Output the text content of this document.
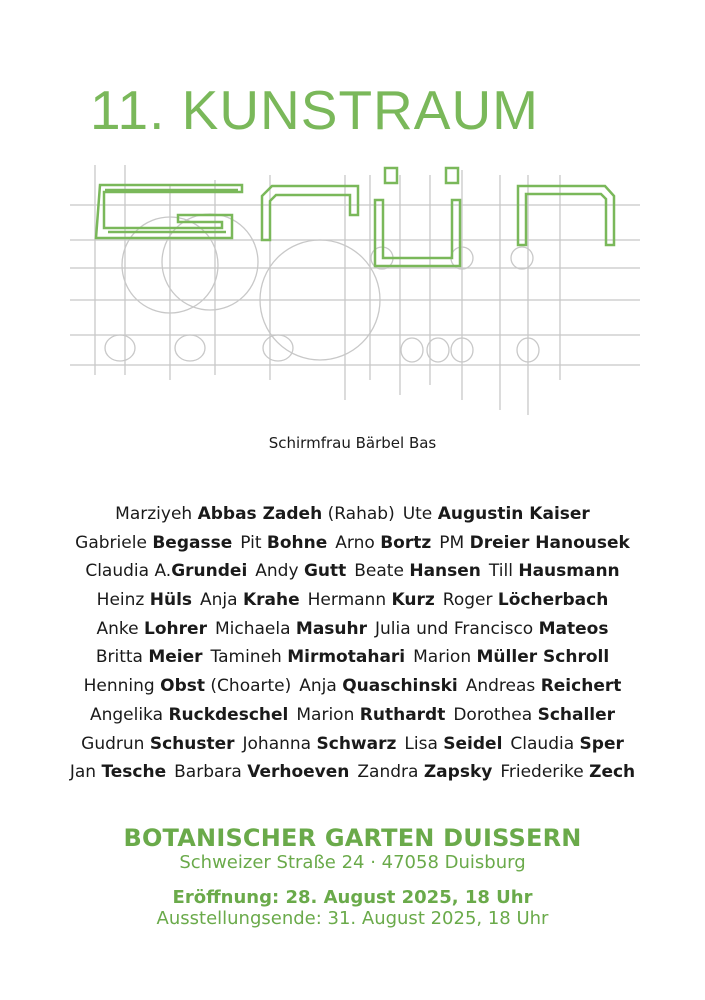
11. KUNSTRAUM
Schirmfrau Bärbel Bas
Marziyeh Abbas Zadeh (Rahab) Ute Augustin Kaiser
Gabriele Begasse Pit Bohne Arno Bortz PM Dreier Hanousek
Claudia A.Grundei Andy Gutt Beate Hansen Till Hausmann
Heinz Hüls Anja Krahe Hermann Kurz Roger Löcherbach
Anke Lohrer Michaela Masuhr Julia und Francisco Mateos
Britta Meier Tamineh Mirmotahari Marion Müller Schroll
Henning Obst (Choarte) Anja Quaschinski Andreas Reichert
Angelika Ruckdeschel Marion Ruthardt Dorothea Schaller
Gudrun Schuster Johanna Schwarz Lisa Seidel Claudia Sper
Jan Tesche Barbara Verhoeven Zandra Zapsky Friederike Zech
BOTANISCHER GARTEN DUISSERN
Schweizer Straße 24 · 47058 Duisburg
Eröffnung: 28. August 2025, 18 Uhr
Ausstellungsende: 31. August 2025, 18 Uhr
